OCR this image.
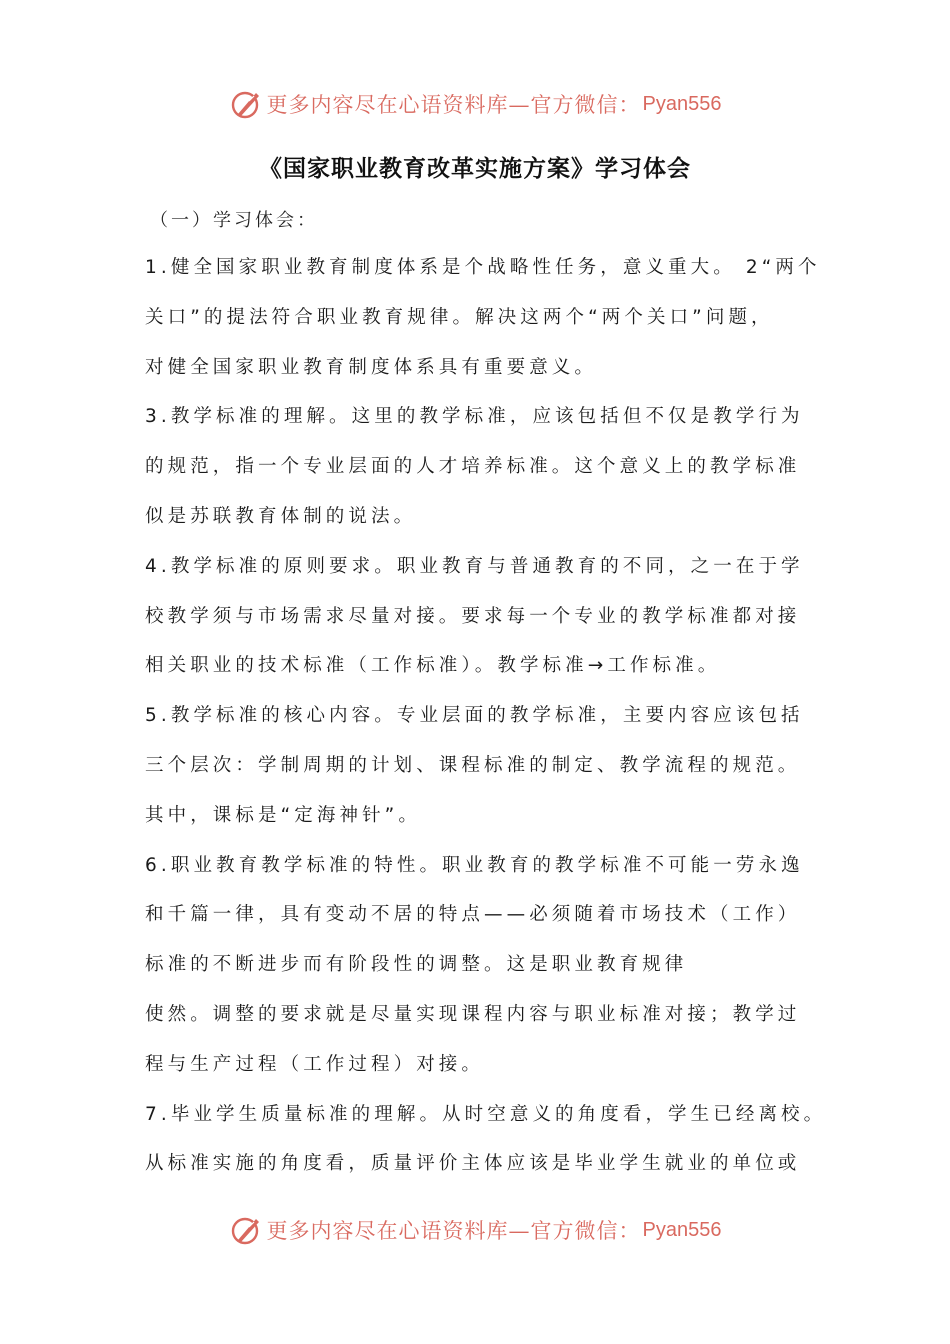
更多内容尽在心语资料库—官方微信： Pyan556
《国家职业教育改革实施方案》学习体会
（一）学习体会：
1.健全国家职业教育制度体系是个战略性任务，意义重大。 2“两个
关口”的提法符合职业教育规律。解决这两个“两个关口”问题，
对健全国家职业教育制度体系具有重要意义。
3.教学标准的理解。这里的教学标准，应该包括但不仅是教学行为
的规范，指一个专业层面的人才培养标准。这个意义上的教学标准
似是苏联教育体制的说法。
4.教学标准的原则要求。职业教育与普通教育的不同，之一在于学
校教学须与市场需求尽量对接。要求每一个专业的教学标准都对接
相关职业的技术标准（工作标准）。教学标准→工作标准。
5.教学标准的核心内容。专业层面的教学标准，主要内容应该包括
三个层次：学制周期的计划、课程标准的制定、教学流程的规范。
其中，课标是“定海神针”。
6.职业教育教学标准的特性。职业教育的教学标准不可能一劳永逸
和千篇一律，具有变动不居的特点——必须随着市场技术（工作）
标准的不断进步而有阶段性的调整。这是职业教育规律
使然。调整的要求就是尽量实现课程内容与职业标准对接；教学过
程与生产过程（工作过程）对接。
7.毕业学生质量标准的理解。从时空意义的角度看，学生已经离校。
从标准实施的角度看，质量评价主体应该是毕业学生就业的单位或
更多内容尽在心语资料库—官方微信： Pyan556
